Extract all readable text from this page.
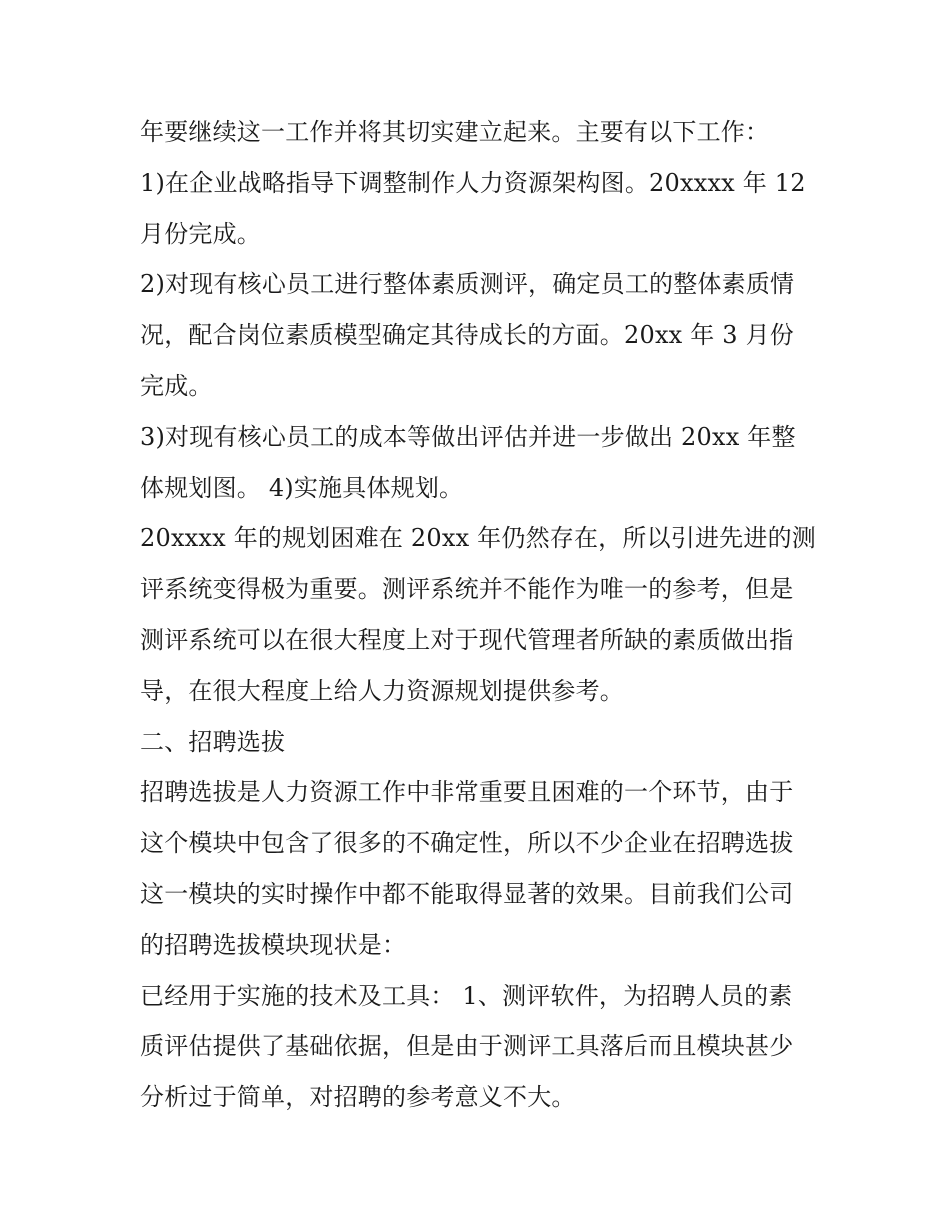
年要继续这一工作并将其切实建立起来。主要有以下工作：
1)在企业战略指导下调整制作人力资源架构图。20xxxx 年 12
月份完成。
2)对现有核心员工进行整体素质测评，确定员工的整体素质情
况，配合岗位素质模型确定其待成长的方面。20xx 年 3 月份
完成。
3)对现有核心员工的成本等做出评估并进一步做出 20xx 年整
体规划图。 4)实施具体规划。
20xxxx 年的规划困难在 20xx 年仍然存在，所以引进先进的测
评系统变得极为重要。测评系统并不能作为唯一的参考，但是
测评系统可以在很大程度上对于现代管理者所缺的素质做出指
导，在很大程度上给人力资源规划提供参考。
二、招聘选拔
招聘选拔是人力资源工作中非常重要且困难的一个环节，由于
这个模块中包含了很多的不确定性，所以不少企业在招聘选拔
这一模块的实时操作中都不能取得显著的效果。目前我们公司
的招聘选拔模块现状是：
已经用于实施的技术及工具： 1、测评软件，为招聘人员的素
质评估提供了基础依据，但是由于测评工具落后而且模块甚少
分析过于简单，对招聘的参考意义不大。
